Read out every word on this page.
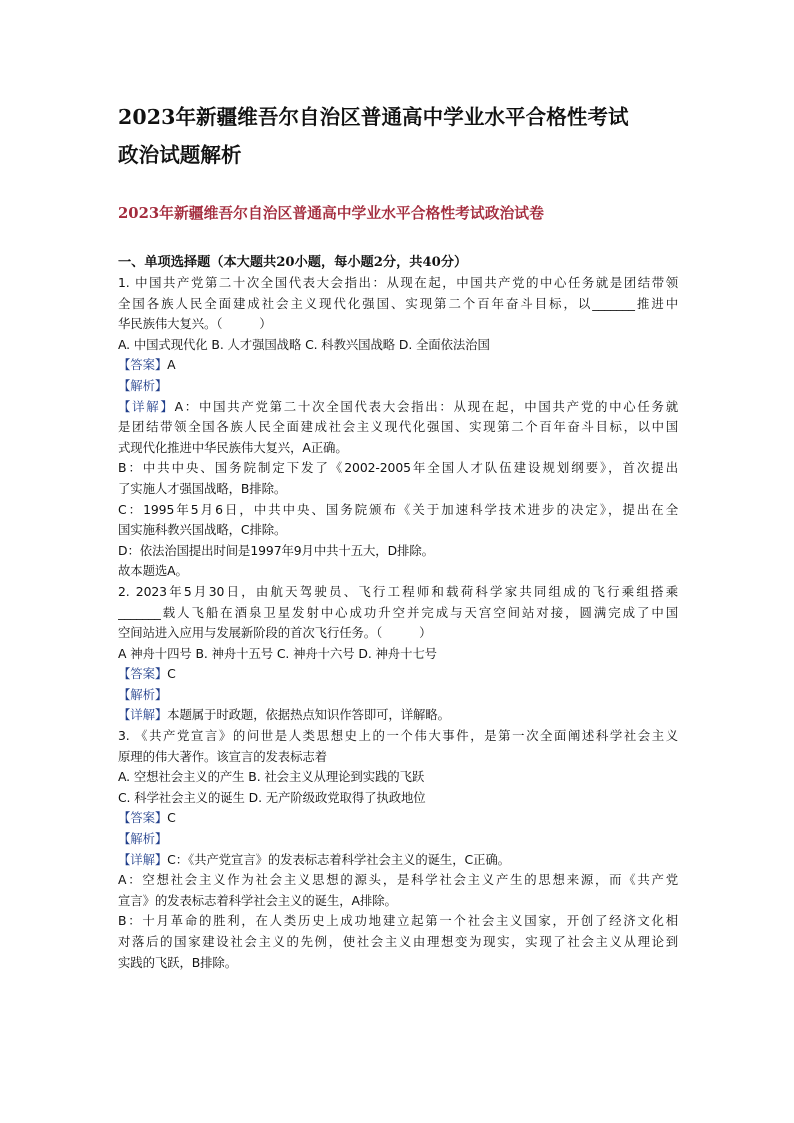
2023年新疆维吾尔自治区普通高中学业水平合格性考试
政治试题解析
2023年新疆维吾尔自治区普通高中学业水平合格性考试政治试卷
一、单项选择题（本大题共20小题，每小题2分，共40分）
1. 中国共产党第二十次全国代表大会指出：从现在起，中国共产党的中心任务就是团结带领
全国各族人民全面建成社会主义现代化强国、实现第二个百年奋斗目标，以_______推进中
华民族伟大复兴。（　　　）
A. 中国式现代化 B. 人才强国战略 C. 科教兴国战略 D. 全面依法治国
【答案】A
【解析】
【详解】A：中国共产党第二十次全国代表大会指出：从现在起，中国共产党的中心任务就
是团结带领全国各族人民全面建成社会主义现代化强国、实现第二个百年奋斗目标，以中国
式现代化推进中华民族伟大复兴，A正确。
B：中共中央、国务院制定下发了《2002-2005年全国人才队伍建设规划纲要》，首次提出
了实施人才强国战略，B排除。
C：1995年5月6日，中共中央、国务院颁布《关于加速科学技术进步的决定》，提出在全
国实施科教兴国战略，C排除。
D：依法治国提出时间是1997年9月中共十五大，D排除。
故本题选A。
2. 2023年5月30日，由航天驾驶员、飞行工程师和载荷科学家共同组成的飞行乘组搭乘
_______载人飞船在酒泉卫星发射中心成功升空并完成与天宫空间站对接，圆满完成了中国
空间站进入应用与发展新阶段的首次飞行任务。（　　　）
A 神舟十四号 B. 神舟十五号 C. 神舟十六号 D. 神舟十七号
【答案】C
【解析】
【详解】本题属于时政题，依据热点知识作答即可，详解略。
3. 《共产党宣言》的问世是人类思想史上的一个伟大事件，是第一次全面阐述科学社会主义
原理的伟大著作。该宣言的发表标志着
A. 空想社会主义的产生 B. 社会主义从理论到实践的飞跃
C. 科学社会主义的诞生 D. 无产阶级政党取得了执政地位
【答案】C
【解析】
【详解】C：《共产党宣言》的发表标志着科学社会主义的诞生，C正确。
A：空想社会主义作为社会主义思想的源头，是科学社会主义产生的思想来源，而《共产党
宣言》的发表标志着科学社会主义的诞生，A排除。
B：十月革命的胜利，在人类历史上成功地建立起第一个社会主义国家，开创了经济文化相
对落后的国家建设社会主义的先例，使社会主义由理想变为现实，实现了社会主义从理论到
实践的飞跃，B排除。
